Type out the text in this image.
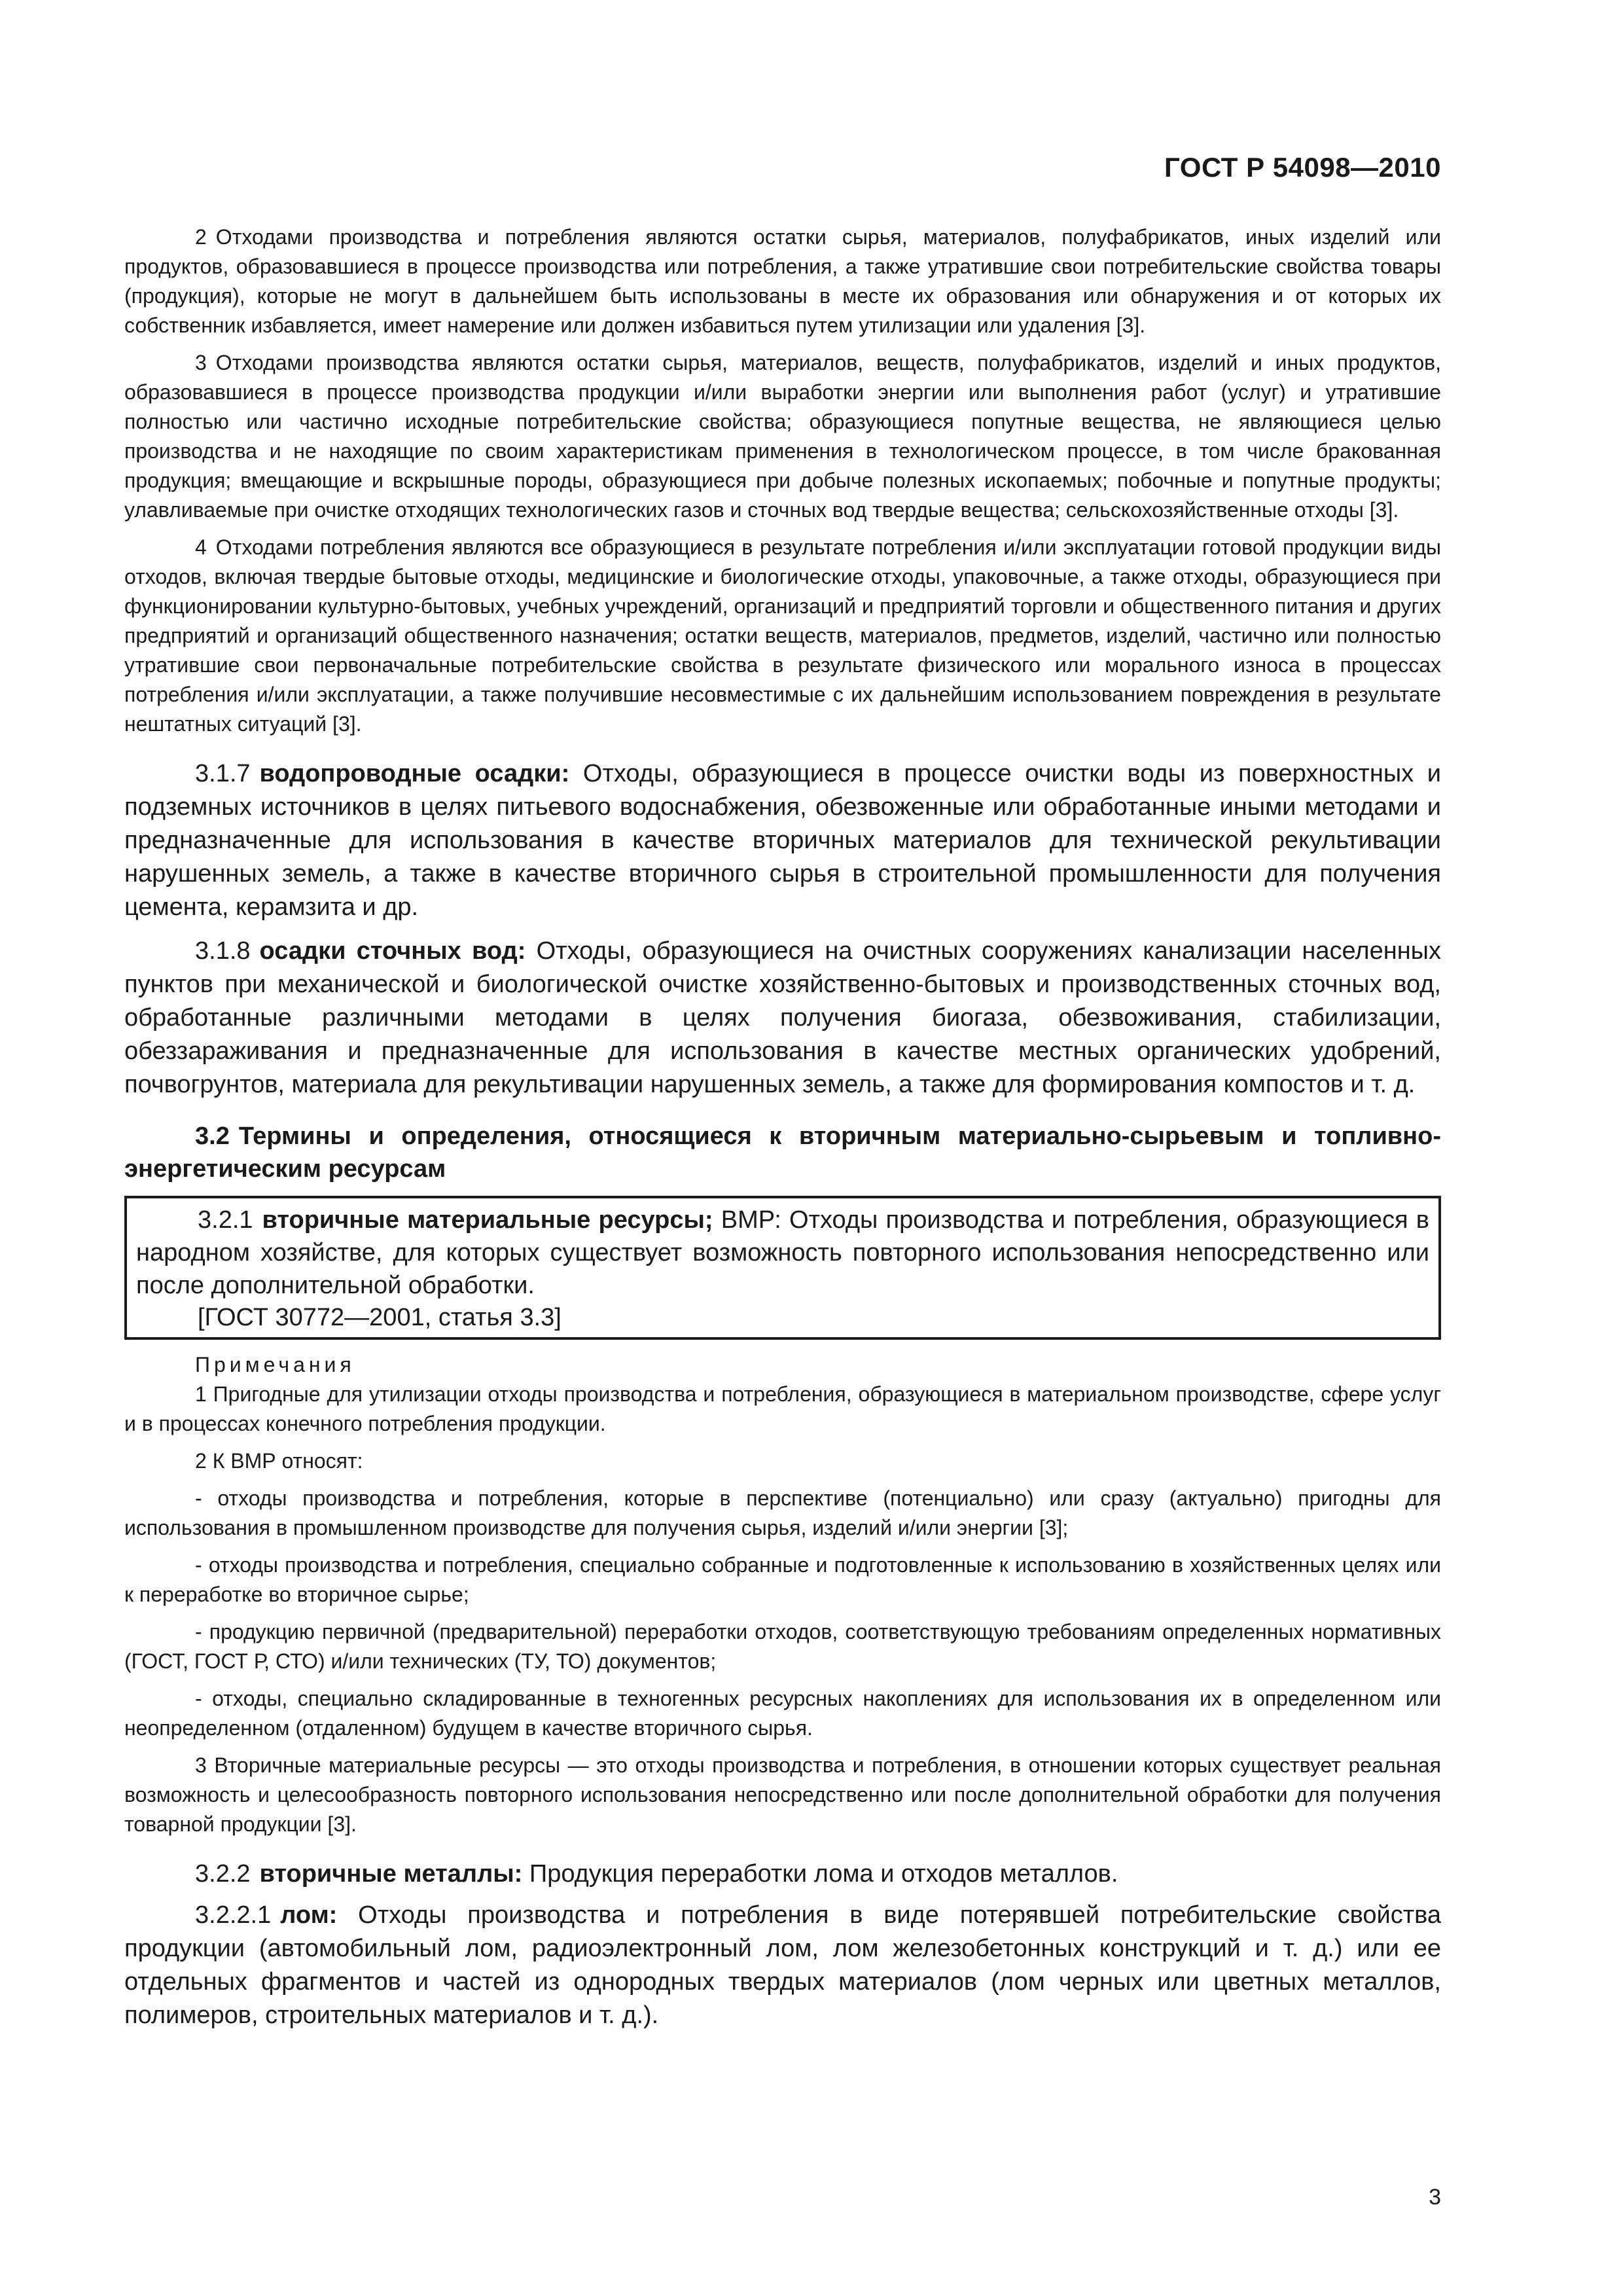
ГОСТ Р 54098—2010

2 Отходами производства и потребления являются остатки сырья, материалов, полуфабрикатов, иных изделий или продуктов, образовавшиеся в процессе производства или потребления, а также утратившие свои потребительские свойства товары (продукция), которые не могут в дальнейшем быть использованы в месте их образования или обнаружения и от которых их собственник избавляется, имеет намерение или должен избавиться путем утилизации или удаления [3].

3 Отходами производства являются остатки сырья, материалов, веществ, полуфабрикатов, изделий и иных продуктов, образовавшиеся в процессе производства продукции и/или выработки энергии или выполнения работ (услуг) и утратившие полностью или частично исходные потребительские свойства; образующиеся попутные вещества, не являющиеся целью производства и не находящие по своим характеристикам применения в технологическом процессе, в том числе бракованная продукция; вмещающие и вскрышные породы, образующиеся при добыче полезных ископаемых; побочные и попутные продукты; улавливаемые при очистке отходящих технологических газов и сточных вод твердые вещества; сельскохозяйственные отходы [3].

4 Отходами потребления являются все образующиеся в результате потребления и/или эксплуатации готовой продукции виды отходов, включая твердые бытовые отходы, медицинские и биологические отходы, упаковочные, а также отходы, образующиеся при функционировании культурно-бытовых, учебных учреждений, организаций и предприятий торговли и общественного питания и других предприятий и организаций общественного назначения; остатки веществ, материалов, предметов, изделий, частично или полностью утратившие свои первоначальные потребительские свойства в результате физического или морального износа в процессах потребления и/или эксплуатации, а также получившие несовместимые с их дальнейшим использованием повреждения в результате нештатных ситуаций [3].

3.1.7 водопроводные осадки: Отходы, образующиеся в процессе очистки воды из поверхностных и подземных источников в целях питьевого водоснабжения, обезвоженные или обработанные иными методами и предназначенные для использования в качестве вторичных материалов для технической рекультивации нарушенных земель, а также в качестве вторичного сырья в строительной промышленности для получения цемента, керамзита и др.

3.1.8 осадки сточных вод: Отходы, образующиеся на очистных сооружениях канализации населенных пунктов при механической и биологической очистке хозяйственно-бытовых и производственных сточных вод, обработанные различными методами в целях получения биогаза, обезвоживания, стабилизации, обеззараживания и предназначенные для использования в качестве местных органических удобрений, почвогрунтов, материала для рекультивации нарушенных земель, а также для формирования компостов и т. д.

3.2 Термины и определения, относящиеся к вторичным материально-сырьевым и топливно-энергетическим ресурсам

3.2.1 вторичные материальные ресурсы; ВМР: Отходы производства и потребления, образующиеся в народном хозяйстве, для которых существует возможность повторного использования непосредственно или после дополнительной обработки.

[ГОСТ 30772—2001, статья 3.3]

Примечания

1 Пригодные для утилизации отходы производства и потребления, образующиеся в материальном производстве, сфере услуг и в процессах конечного потребления продукции.

2 К ВМР относят:

- отходы производства и потребления, которые в перспективе (потенциально) или сразу (актуально) пригодны для использования в промышленном производстве для получения сырья, изделий и/или энергии [3];

- отходы производства и потребления, специально собранные и подготовленные к использованию в хозяйственных целях или к переработке во вторичное сырье;

- продукцию первичной (предварительной) переработки отходов, соответствующую требованиям определенных нормативных (ГОСТ, ГОСТ Р, СТО) и/или технических (ТУ, ТО) документов;

- отходы, специально складированные в техногенных ресурсных накоплениях для использования их в определенном или неопределенном (отдаленном) будущем в качестве вторичного сырья.

3 Вторичные материальные ресурсы — это отходы производства и потребления, в отношении которых существует реальная возможность и целесообразность повторного использования непосредственно или после дополнительной обработки для получения товарной продукции [3].

3.2.2 вторичные металлы: Продукция переработки лома и отходов металлов.

3.2.2.1 лом: Отходы производства и потребления в виде потерявшей потребительские свойства продукции (автомобильный лом, радиоэлектронный лом, лом железобетонных конструкций и т. д.) или ее отдельных фрагментов и частей из однородных твердых материалов (лом черных или цветных металлов, полимеров, строительных материалов и т. д.).

3
